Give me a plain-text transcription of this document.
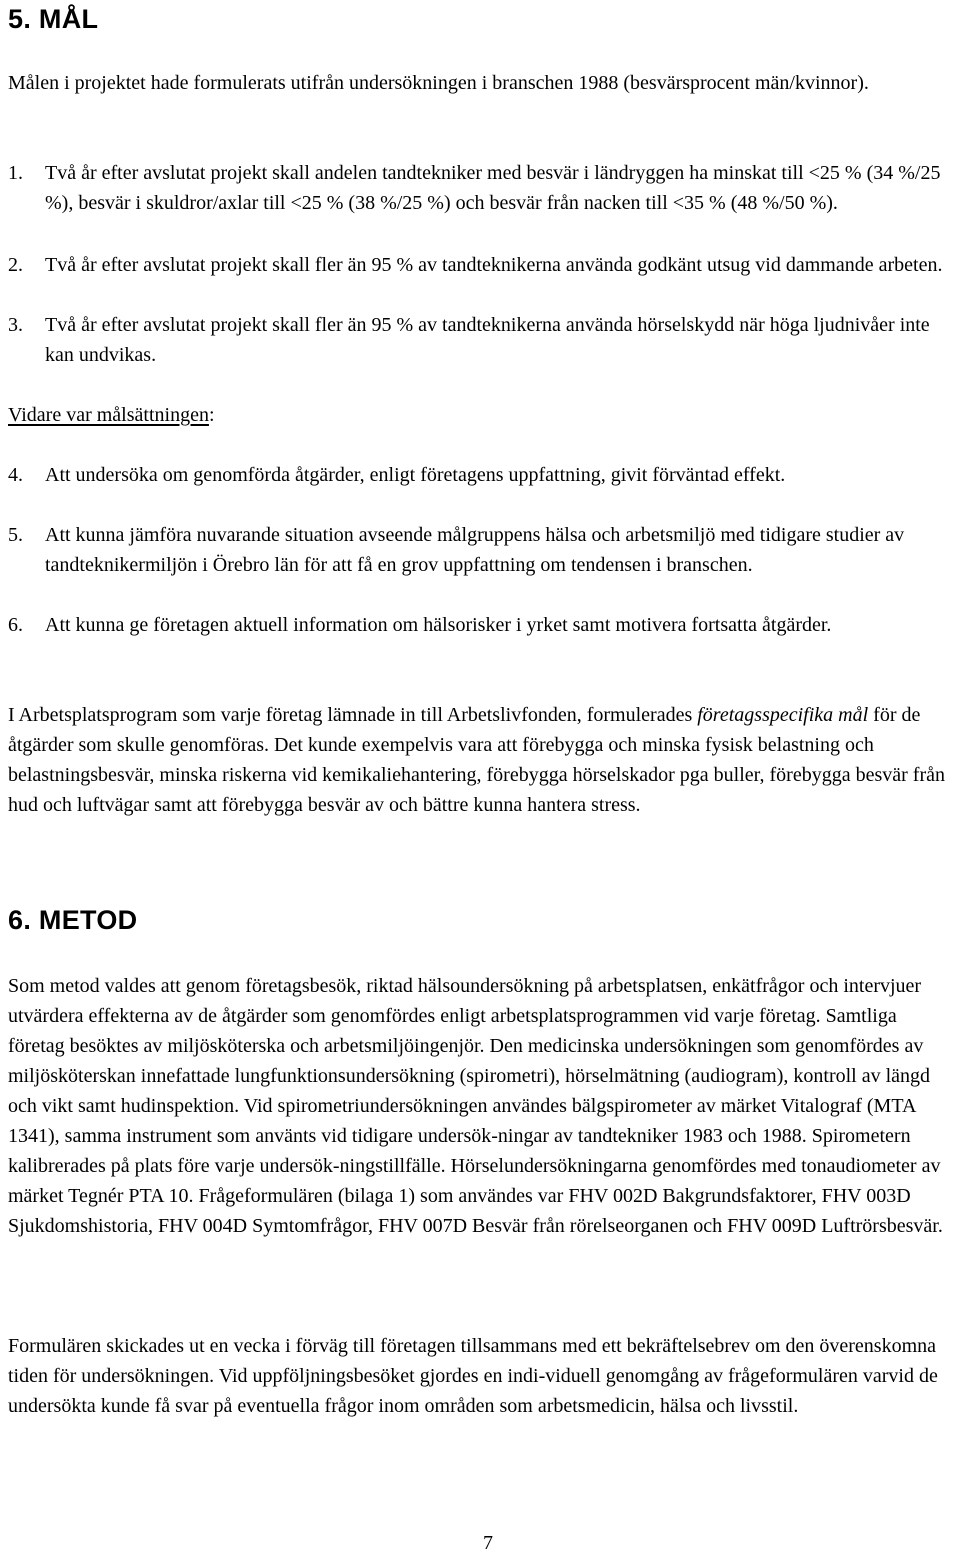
5. MÅL

Målen i projektet hade formulerats utifrån undersökningen i branschen 1988 (besvärsprocent män/kvinnor).

1.	Två år efter avslutat projekt skall andelen tandtekniker med besvär i ländryggen ha minskat till <25 % (34 %/25 %), besvär i skuldror/axlar till <25 % (38 %/25 %) och besvär från nacken till <35 % (48 %/50 %).
2.	Två år efter avslutat projekt skall fler än 95 % av tandteknikerna använda godkänt utsug vid dammande arbeten.
3.	Två år efter avslutat projekt skall fler än 95 % av tandteknikerna använda hörselskydd när höga ljudnivåer inte kan undvikas.

Vidare var målsättningen:

4.	Att undersöka om genomförda åtgärder, enligt företagens uppfattning, givit förväntad effekt.
5.	Att kunna jämföra nuvarande situation avseende målgruppens hälsa och arbetsmiljö med tidigare studier av tandteknikermiljön i Örebro län för att få en grov uppfattning om tendensen i branschen.
6.	Att kunna ge företagen aktuell information om hälsorisker i yrket samt motivera fortsatta åtgärder.

I Arbetsplatsprogram som varje företag lämnade in till Arbetslivfonden, formulerades företagsspecifika mål för de åtgärder som skulle genomföras. Det kunde exempelvis vara att förebygga och minska fysisk belastning och belastningsbesvär, minska riskerna vid kemikaliehantering, förebygga hörselskador pga buller, förebygga besvär från hud och luftvägar samt att förebygga besvär av och bättre kunna hantera stress.

6. METOD

Som metod valdes att genom företagsbesök, riktad hälsoundersökning på arbetsplatsen, enkätfrågor och intervjuer utvärdera effekterna av de åtgärder som genomfördes enligt arbetsplatsprogrammen vid varje företag. Samtliga företag besöktes av miljösköterska och arbetsmiljöingenjör. Den medicinska undersökningen som genomfördes av miljösköterskan innefattade lungfunktionsundersökning (spirometri), hörselmätning (audiogram), kontroll av längd och vikt samt hudinspektion. Vid spirometriundersökningen användes bälgspirometer av märket Vitalograf (MTA 1341), samma instrument som använts vid tidigare undersök-ningar av tandtekniker 1983 och 1988. Spirometern kalibrerades på plats före varje undersök-ningstillfälle. Hörselundersökningarna genomfördes med tonaudiometer av märket Tegnér PTA 10. Frågeformulären (bilaga 1) som användes var FHV 002D Bakgrundsfaktorer, FHV 003D Sjukdomshistoria, FHV 004D Symtomfrågor, FHV 007D Besvär från rörelseorganen och FHV 009D Luftrörsbesvär.

Formulären skickades ut en vecka i förväg till företagen tillsammans med ett bekräftelsebrev om den överenskomna tiden för undersökningen. Vid uppföljningsbesöket gjordes en indi-viduell genomgång av frågeformulären varvid de undersökta kunde få svar på eventuella frågor inom områden som arbetsmedicin, hälsa och livsstil.

7
